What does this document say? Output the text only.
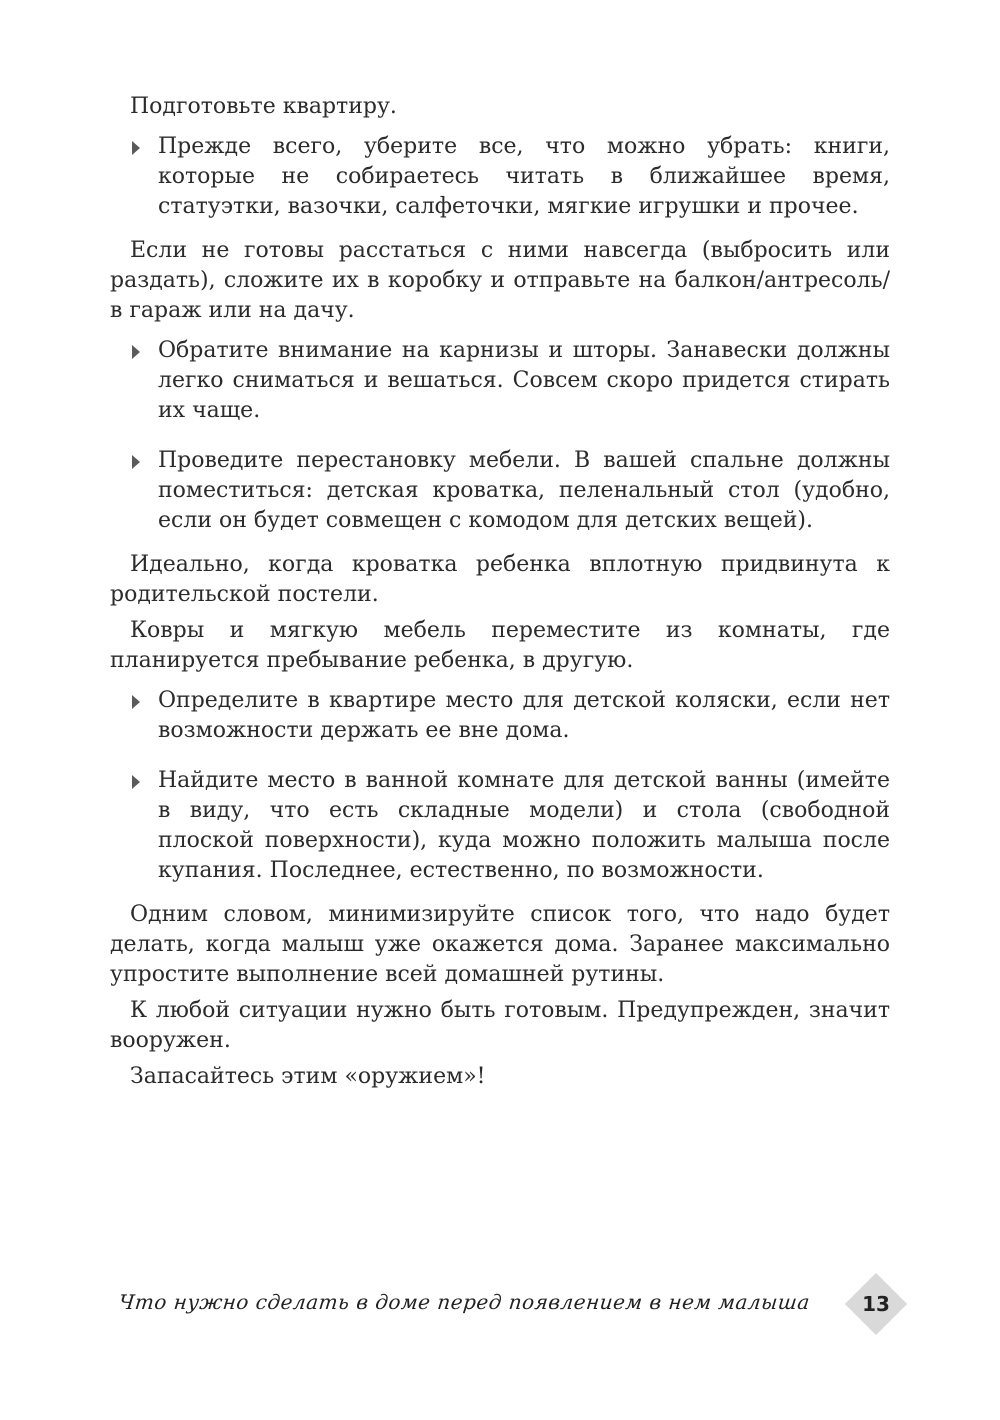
Подготовьте квартиру.

Прежде всего, уберите все, что можно убрать: книги, которые не собираетесь читать в ближайшее время, статуэтки, вазочки, салфеточки, мягкие игрушки и прочее.

Если не готовы расстаться с ними навсегда (выбросить или раздать), сложите их в коробку и отправьте на балкон/антресоль/в гараж или на дачу.

Обратите внимание на карнизы и шторы. Занавески должны легко сниматься и вешаться. Совсем скоро придется стирать их чаще.
Проведите перестановку мебели. В вашей спальне должны поместиться: детская кроватка, пеленальный стол (удобно, если он будет совмещен с комодом для детских вещей).

Идеально, когда кроватка ребенка вплотную придвинута к родительской постели.

Ковры и мягкую мебель переместите из комнаты, где планируется пребывание ребенка, в другую.

Определите в квартире место для детской коляски, если нет возможности держать ее вне дома.
Найдите место в ванной комнате для детской ванны (имейте в виду, что есть складные модели) и стола (свободной плоской поверхности), куда можно положить малыша после купания. Последнее, естественно, по возможности.

Одним словом, минимизируйте список того, что надо будет делать, когда малыш уже окажется дома. Заранее максимально упростите выполнение всей домашней рутины.

К любой ситуации нужно быть готовым. Предупрежден, значит вооружен.

Запасайтесь этим «оружием»!

Что нужно сделать в доме перед появлением в нем малыша	13
